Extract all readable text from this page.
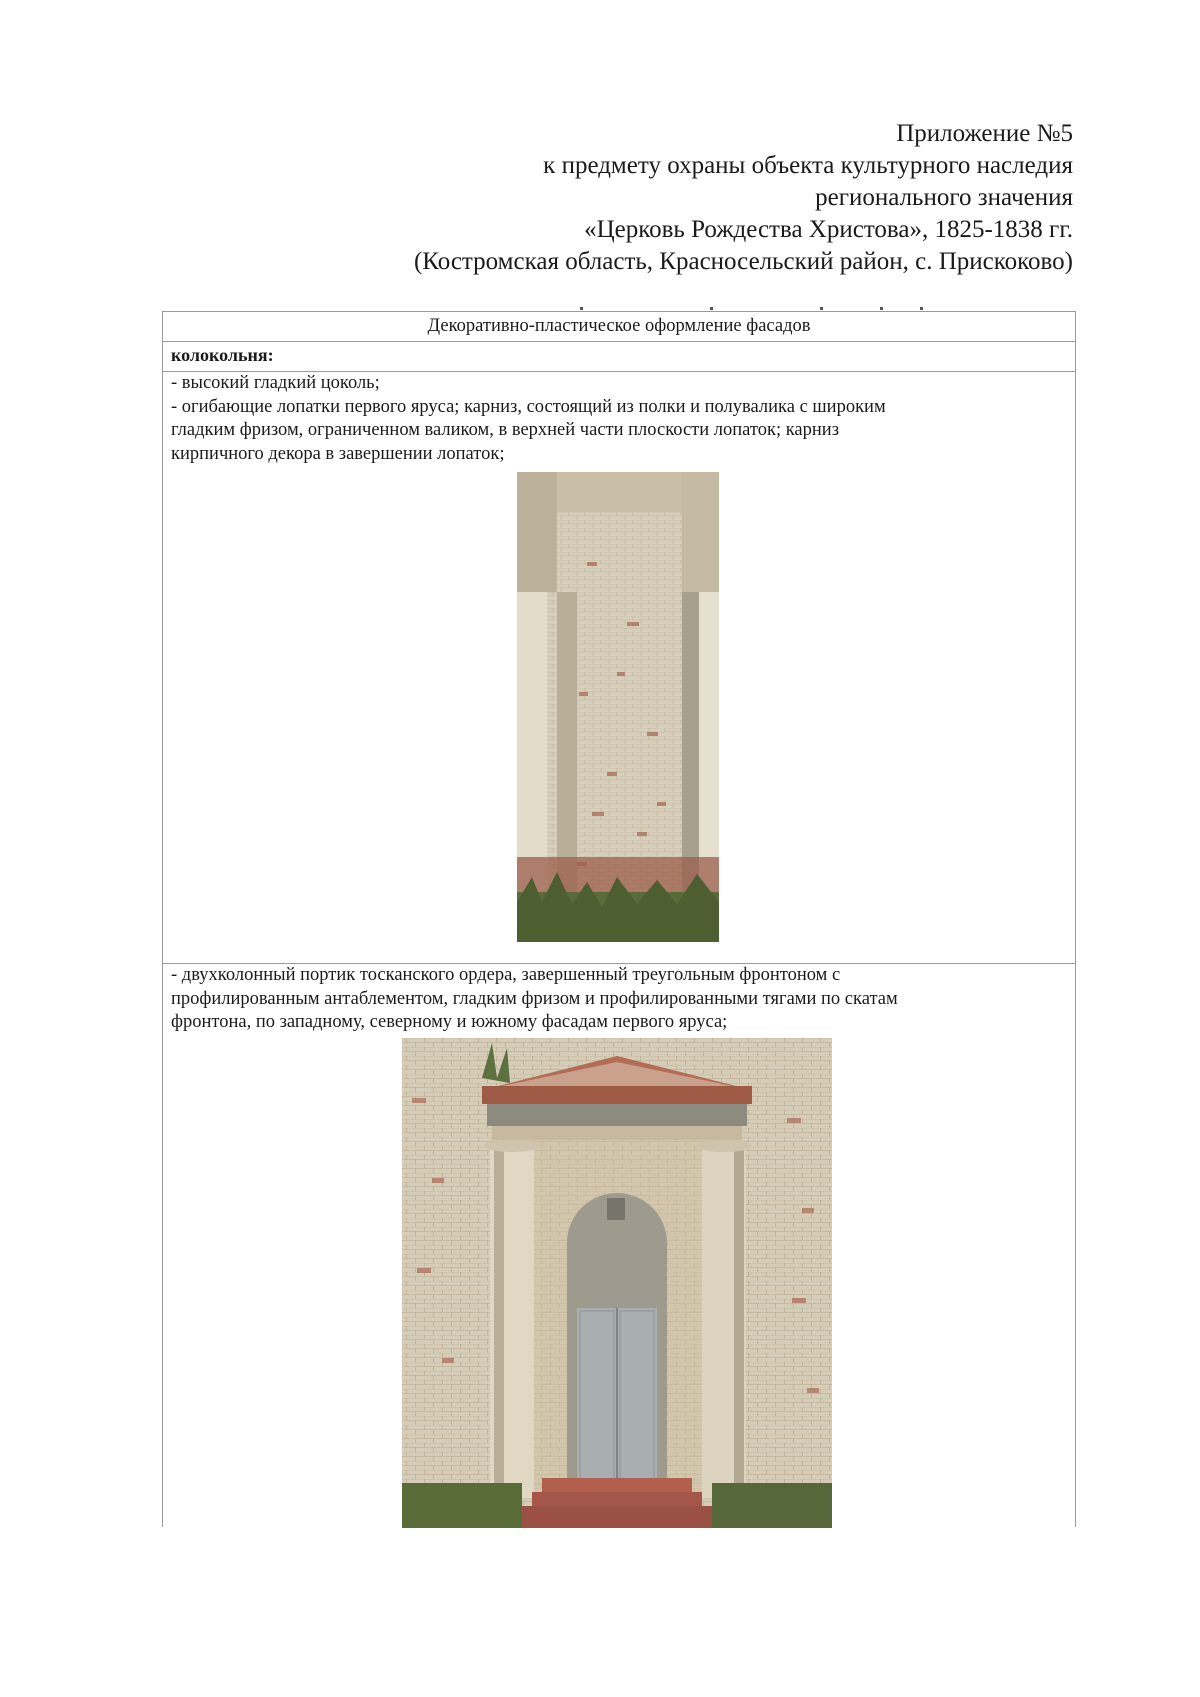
Приложение №5
к предмету охраны объекта культурного наследия
регионального значения
«Церковь Рождества Христова», 1825-1838 гг.
(Костромская область, Красносельский район, с. Прискоково)
Декоративно-пластическое оформление фасадов
колокольня:
- высокий гладкий цоколь;
- огибающие лопатки первого яруса; карниз, состоящий из полки и полувалика с широким
гладким фризом, ограниченном валиком, в верхней части плоскости лопаток; карниз
кирпичного декора в завершении лопаток;
- двухколонный портик тосканского ордера, завершенный треугольным фронтоном с
профилированным антаблементом, гладким фризом и профилированными тягами по скатам
фронтона, по западному, северному и южному фасадам первого яруса;
